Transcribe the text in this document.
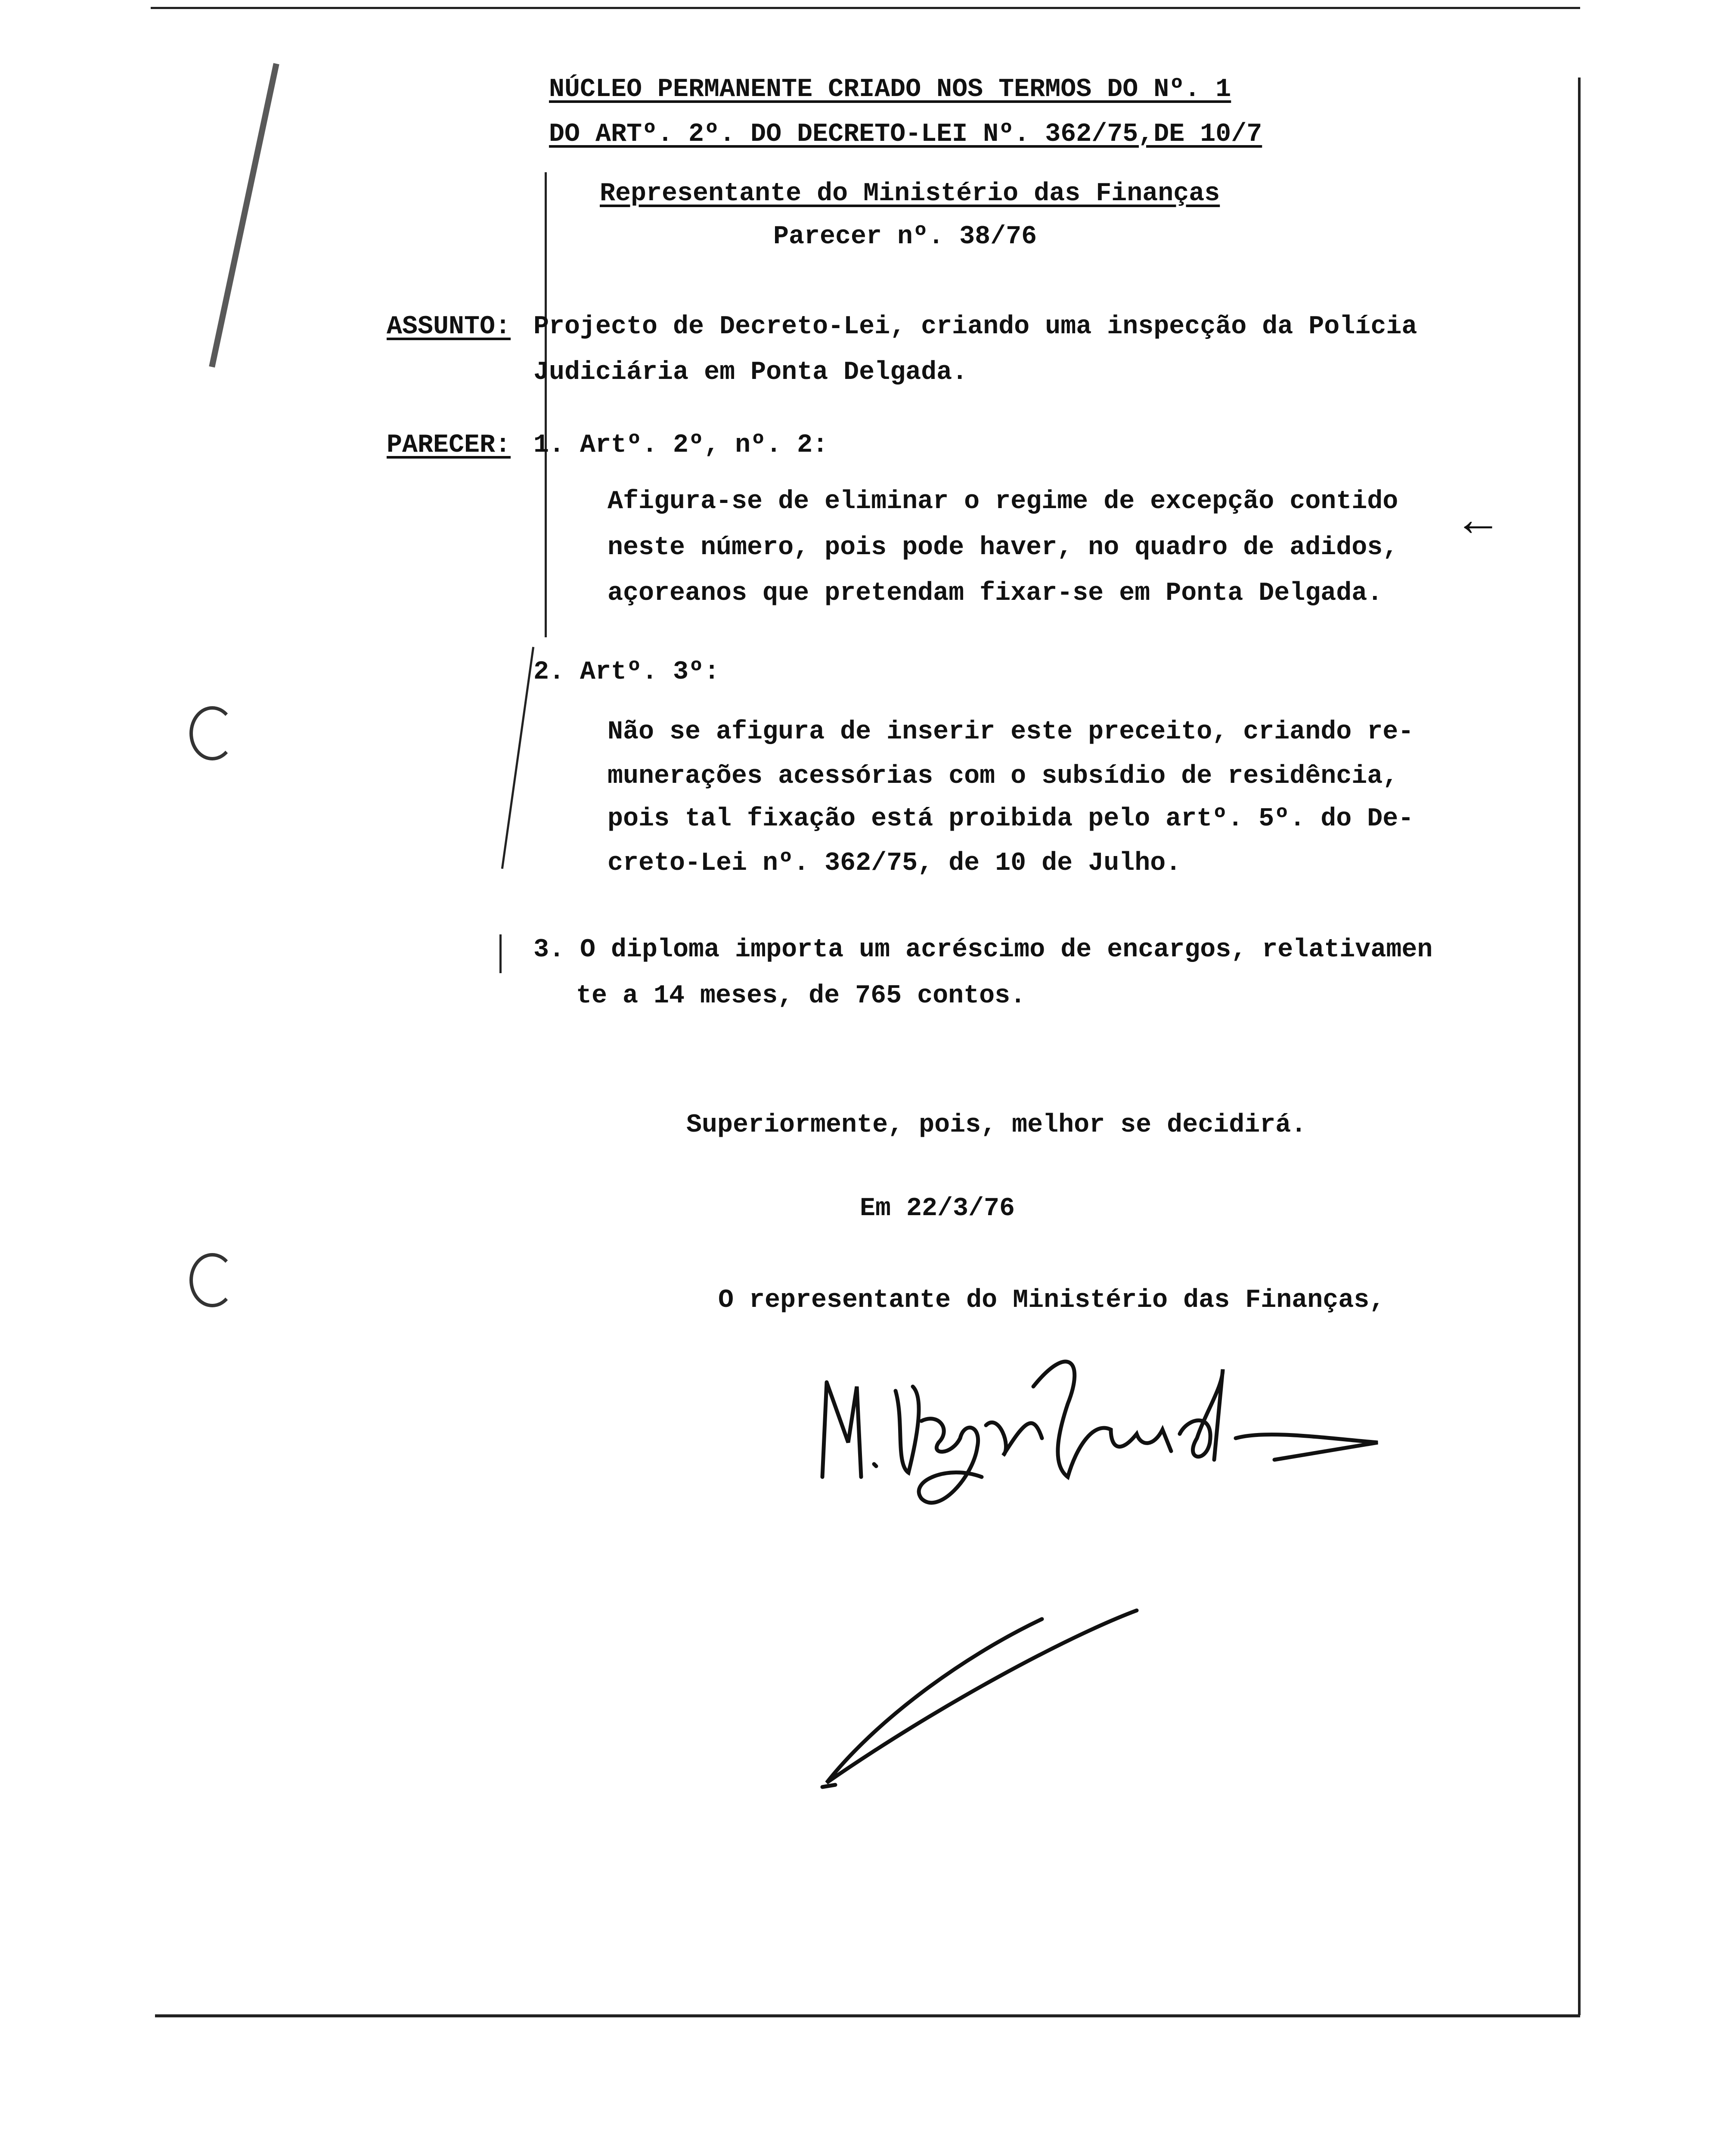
NÚCLEO PERMANENTE CRIADO NOS TERMOS DO Nº. 1
DO ARTº. 2º. DO DECRETO-LEI Nº. 362/75,DE 10/7
Representante do Ministério das Finanças
Parecer nº. 38/76
ASSUNTO: Projecto de Decreto-Lei, criando uma inspecção da Polícia
Judiciária em Ponta Delgada.
PARECER: 1. Artº. 2º, nº. 2:
Afigura-se de eliminar o regime de excepção contido
neste número, pois pode haver, no quadro de adidos,
açoreanos que pretendam fixar-se em Ponta Delgada.
←
2. Artº. 3º:
Não se afigura de inserir este preceito, criando re-
munerações acessórias com o subsídio de residência,
pois tal fixação está proibida pelo artº. 5º. do De-
creto-Lei nº. 362/75, de 10 de Julho.
3. O diploma importa um acréscimo de encargos, relativamen
te a 14 meses, de 765 contos.
Superiormente, pois, melhor se decidirá.
Em 22/3/76
O representante do Ministério das Finanças,
